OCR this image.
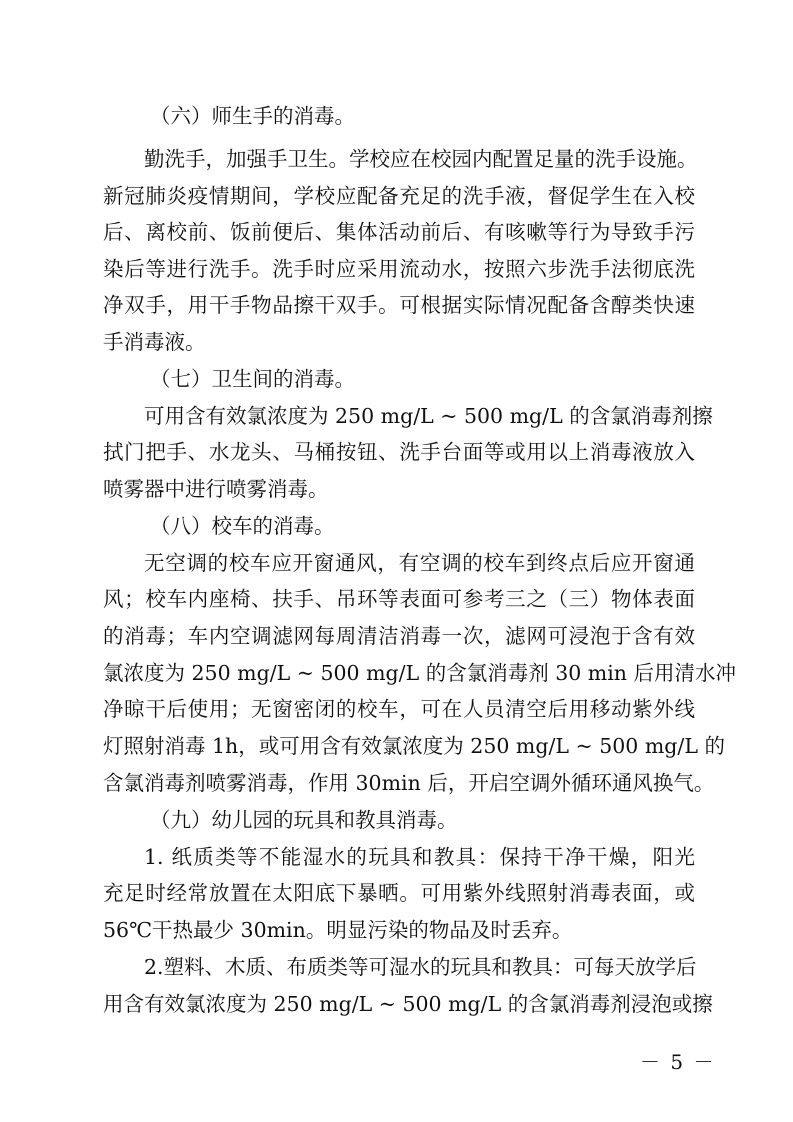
（六）师生手的消毒。
勤洗手，加强手卫生。学校应在校园内配置足量的洗手设施。
新冠肺炎疫情期间，学校应配备充足的洗手液，督促学生在入校
后、离校前、饭前便后、集体活动前后、有咳嗽等行为导致手污
染后等进行洗手。洗手时应采用流动水，按照六步洗手法彻底洗
净双手，用干手物品擦干双手。可根据实际情况配备含醇类快速
手消毒液。
（七）卫生间的消毒。
可用含有效氯浓度为 250 mg/L ~ 500 mg/L 的含氯消毒剂擦
拭门把手、水龙头、马桶按钮、洗手台面等或用以上消毒液放入
喷雾器中进行喷雾消毒。
（八）校车的消毒。
无空调的校车应开窗通风，有空调的校车到终点后应开窗通
风；校车内座椅、扶手、吊环等表面可参考三之（三）物体表面
的消毒；车内空调滤网每周清洁消毒一次，滤网可浸泡于含有效
氯浓度为 250 mg/L ~ 500 mg/L 的含氯消毒剂 30 min 后用清水冲
净晾干后使用；无窗密闭的校车，可在人员清空后用移动紫外线
灯照射消毒 1h，或可用含有效氯浓度为 250 mg/L ~ 500 mg/L 的
含氯消毒剂喷雾消毒，作用 30min 后，开启空调外循环通风换气。
（九）幼儿园的玩具和教具消毒。
1. 纸质类等不能湿水的玩具和教具：保持干净干燥，阳光
充足时经常放置在太阳底下暴晒。可用紫外线照射消毒表面，或
56℃干热最少 30min。明显污染的物品及时丢弃。
2.塑料、木质、布质类等可湿水的玩具和教具：可每天放学后
用含有效氯浓度为 250 mg/L ~ 500 mg/L 的含氯消毒剂浸泡或擦
－ 5 －
